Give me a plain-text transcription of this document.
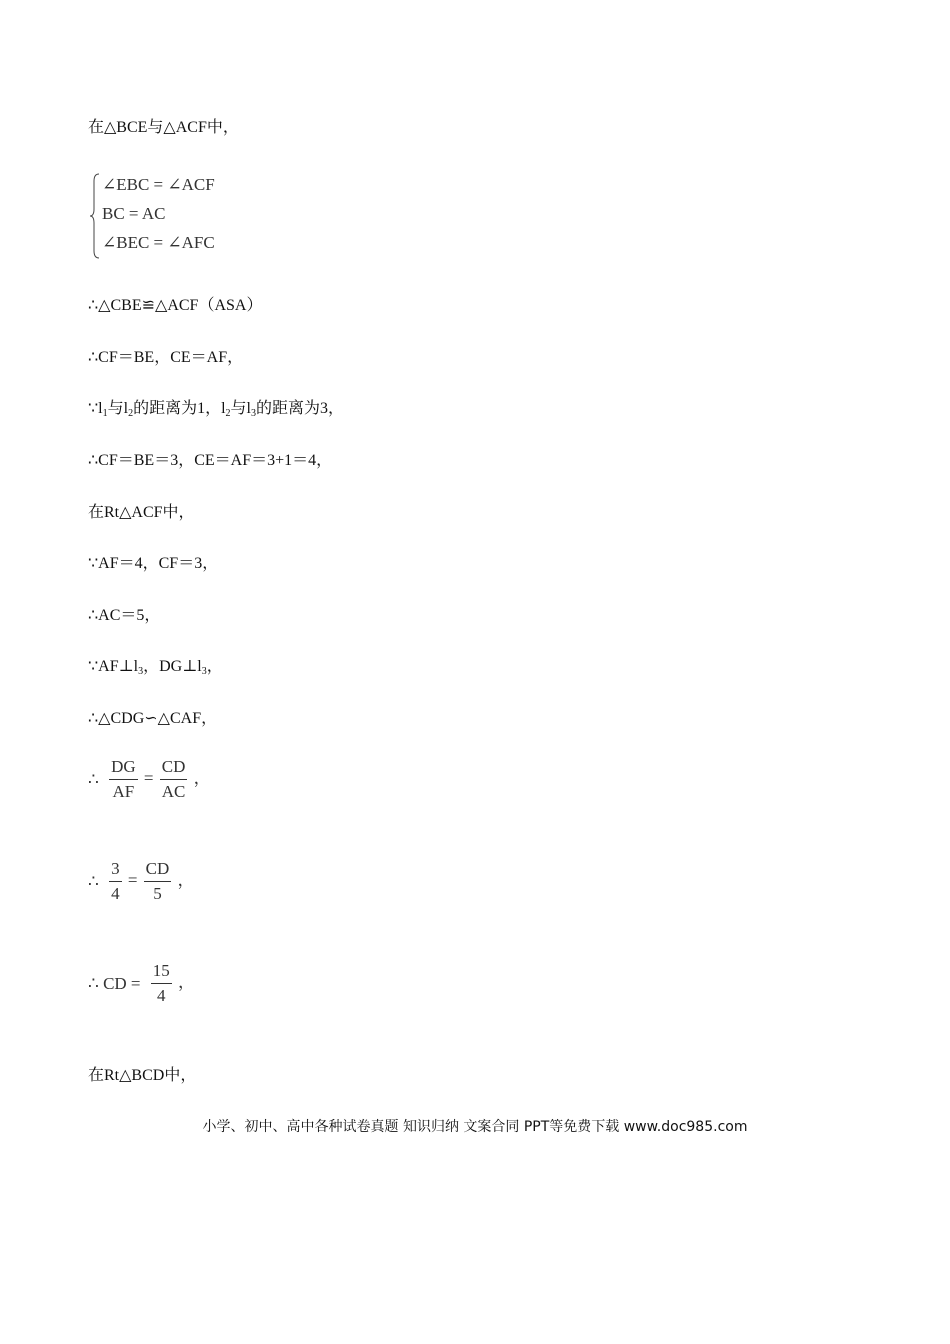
在△BCE与△ACF中，
∠EBC = ∠ACF
BC = AC
∠BEC = ∠AFC
∴△CBE≌△ACF（ASA）
∴CF＝BE，CE＝AF，
$\because l_1$与$l_2$的距离为1，$l_2$与$l_3$的距离为3，
∴CF＝BE＝3，CE＝AF＝3+1＝4，
在Rt△ACF中，
∵AF＝4，CF＝3，
∴AC＝5，
$\because AF\perp l_3$，$DG\perp l_3$，
∴△CDG∽△CAF，
∴ $\frac{DG}{AF} = \frac{CD}{AC}$ ，
∴ $\frac{3}{4} = \frac{CD}{5}$ ，
∴ CD = $\frac{15}{4}$ ，
在Rt△BCD中，
小学、初中、高中各种试卷真题 知识归纳 文案合同 PPT等免费下载 www.doc985.com
